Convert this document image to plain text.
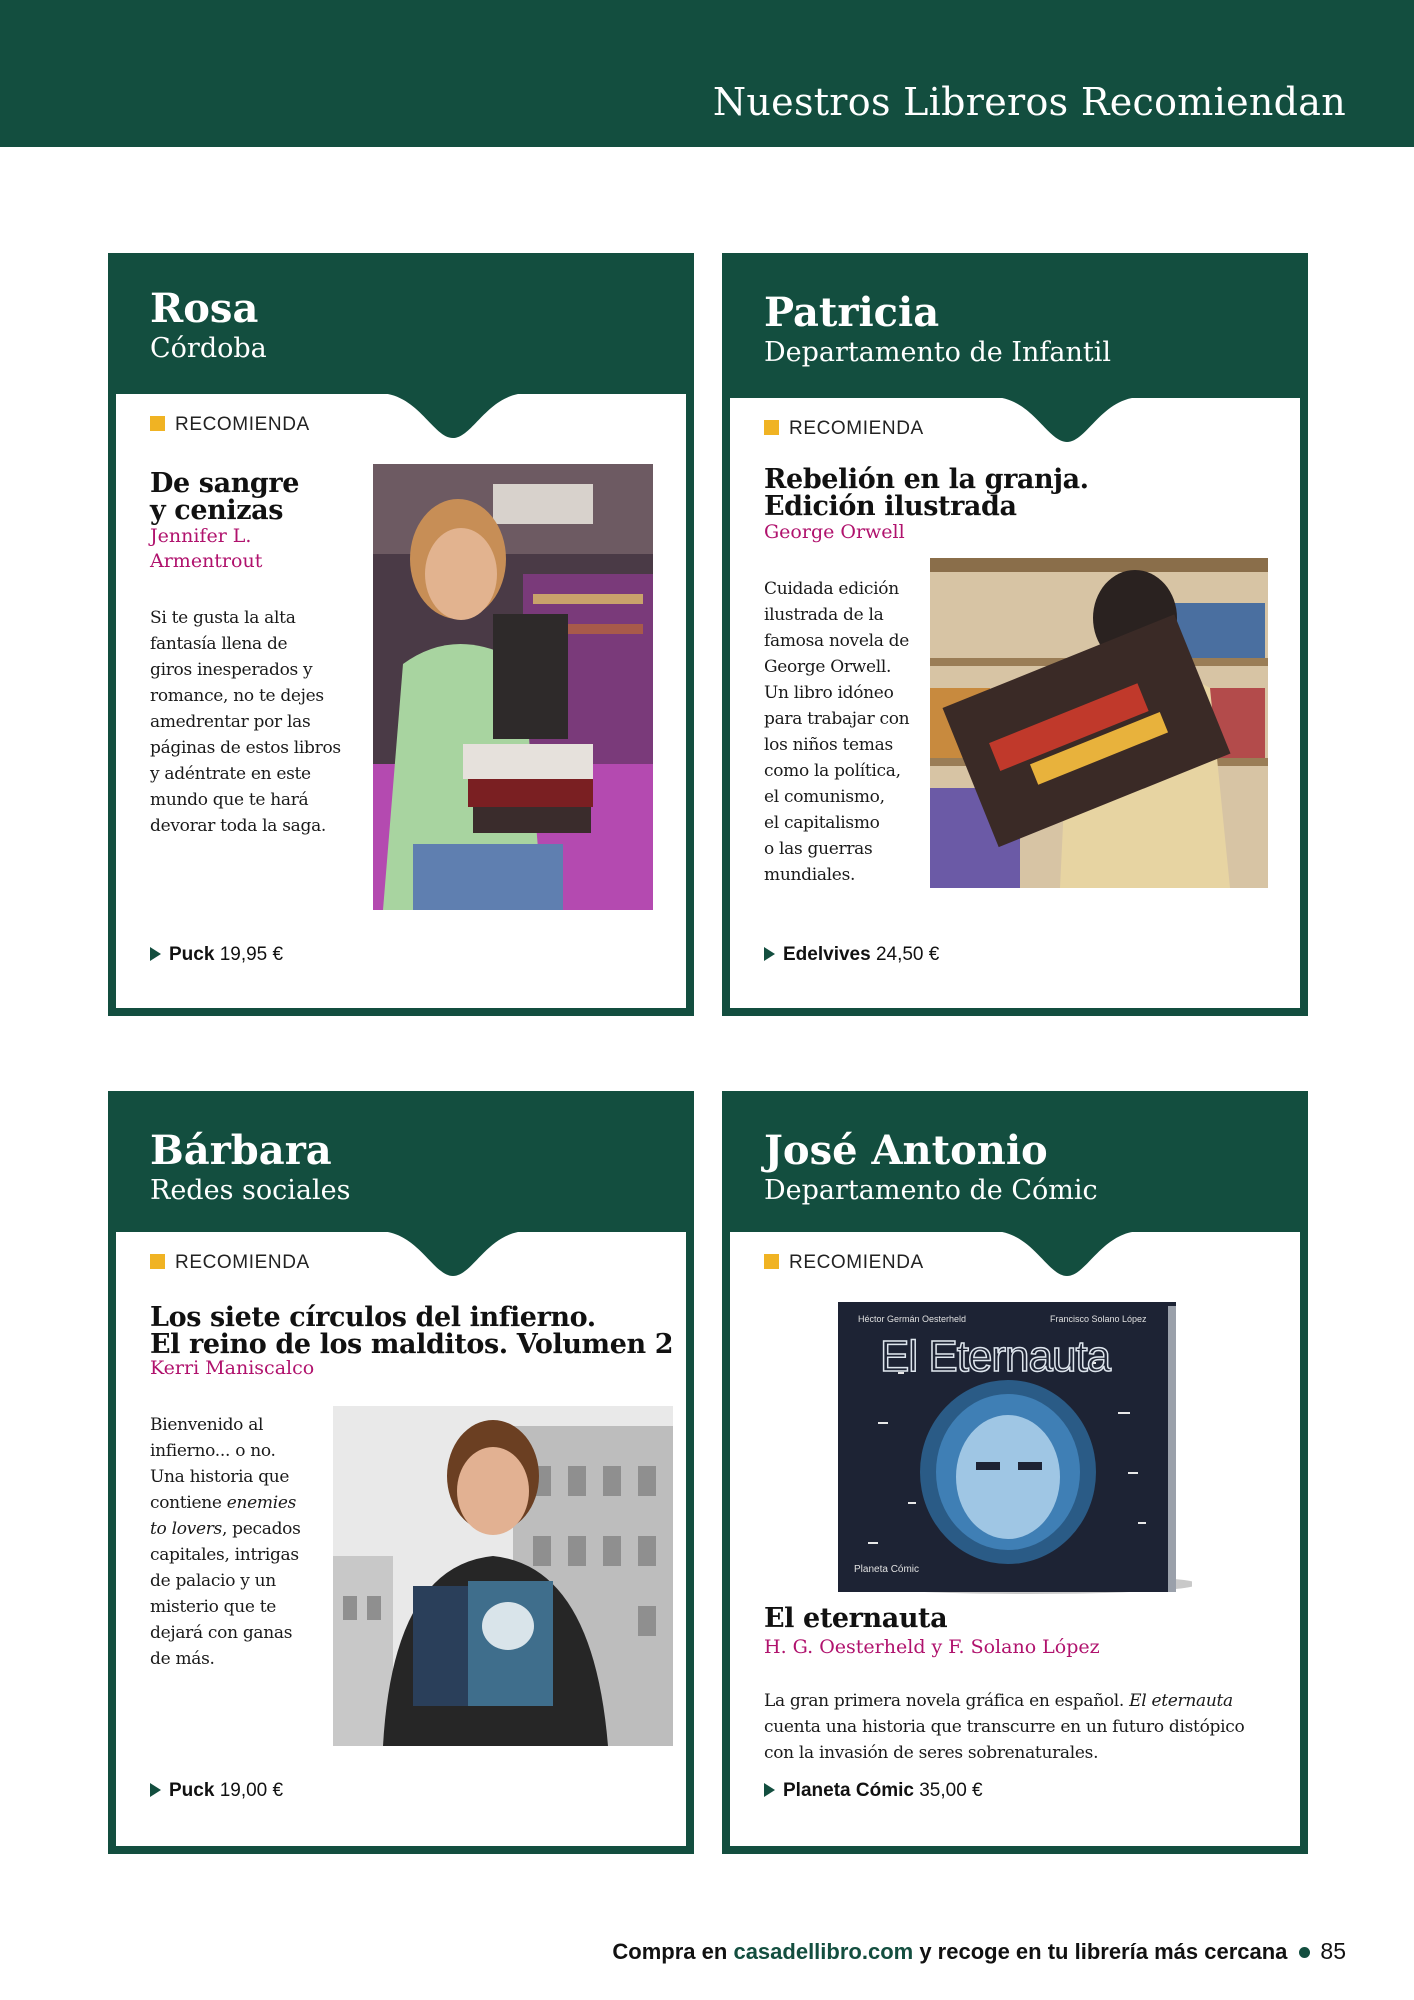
Nuestros Libreros Recomiendan
Rosa
Córdoba
RECOMIENDA
De sangre
y cenizas
Jennifer L.
Armentrout
Si te gusta la alta
fantasía llena de
giros inesperados y
romance, no te dejes
amedrentar por las
páginas de estos libros
y adéntrate en este
mundo que te hará
devorar toda la saga.
Puck 19,95 €
Patricia
Departamento de Infantil
RECOMIENDA
Rebelión en la granja.
Edición ilustrada
George Orwell
Cuidada edición
ilustrada de la
famosa novela de
George Orwell.
Un libro idóneo
para trabajar con
los niños temas
como la política,
el comunismo,
el capitalismo
o las guerras
mundiales.
Edelvives 24,50 €
Bárbara
Redes sociales
RECOMIENDA
Los siete círculos del infierno.
El reino de los malditos. Volumen 2
Kerri Maniscalco
Bienvenido al
infierno... o no.
Una historia que
contiene enemies
to lovers, pecados
capitales, intrigas
de palacio y un
misterio que te
dejará con ganas
de más.
Puck 19,00 €
José Antonio
Departamento de Cómic
RECOMIENDA
Héctor Germán Oesterheld	Francisco Solano López
El Eternauta
Planeta Cómic
El eternauta
H. G. Oesterheld y F. Solano López
La gran primera novela gráfica en español. El eternauta
cuenta una historia que transcurre en un futuro distópico
con la invasión de seres sobrenaturales.
Planeta Cómic 35,00 €
Compra en casadellibro.com y recoge en tu librería más cercana 85
